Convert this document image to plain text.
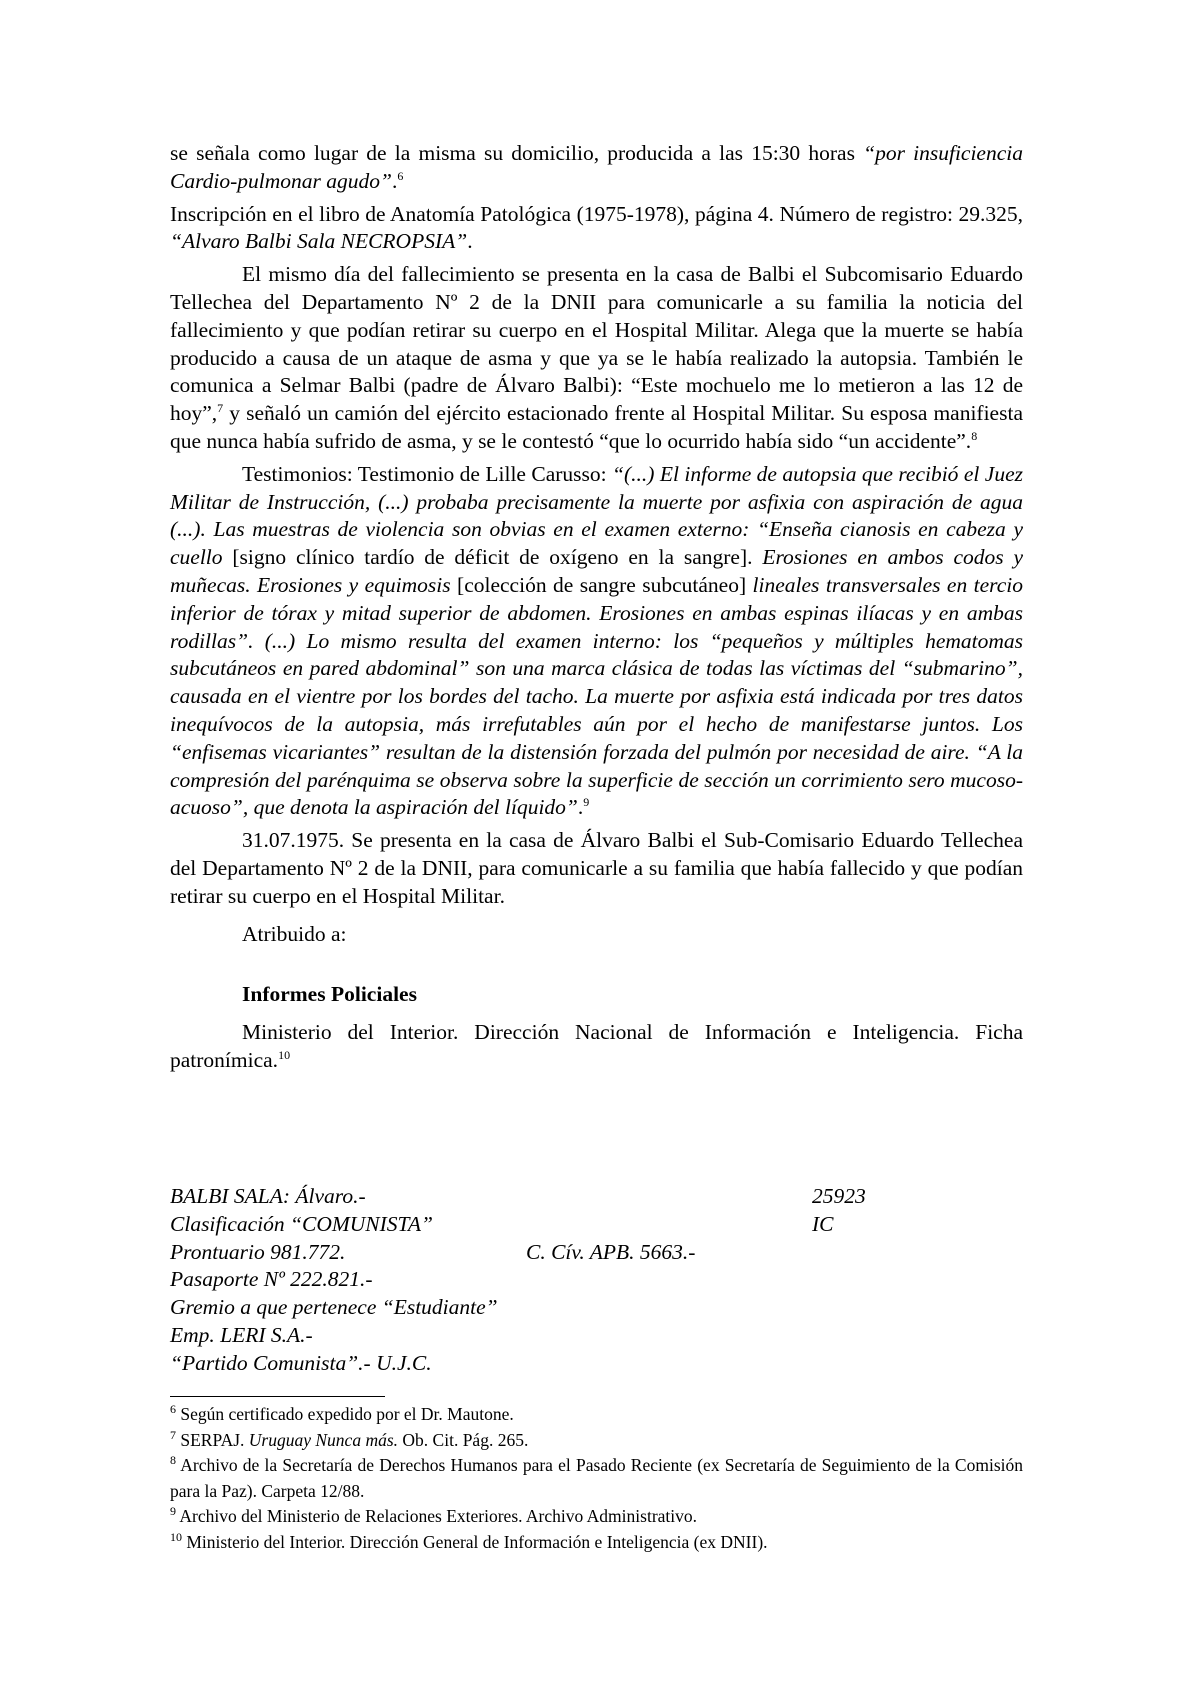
se señala como lugar de la misma su domicilio, producida a las 15:30 horas “por insuficiencia Cardio-pulmonar agudo”.$^6$

Inscripción en el libro de Anatomía Patológica (1975-1978), página 4. Número de registro: 29.325, “Alvaro Balbi Sala NECROPSIA”.

El mismo día del fallecimiento se presenta en la casa de Balbi el Subcomisario Eduardo Tellechea del Departamento Nº 2 de la DNII para comunicarle a su familia la noticia del fallecimiento y que podían retirar su cuerpo en el Hospital Militar. Alega que la muerte se había producido a causa de un ataque de asma y que ya se le había realizado la autopsia. También le comunica a Selmar Balbi (padre de Álvaro Balbi): “Este mochuelo me lo metieron a las 12 de hoy”,$^7$ y señaló un camión del ejército estacionado frente al Hospital Militar. Su esposa manifiesta que nunca había sufrido de asma, y se le contestó “que lo ocurrido había sido “un accidente”.$^8$

Testimonios: Testimonio de Lille Carusso: “(...) El informe de autopsia que recibió el Juez Militar de Instrucción, (...) probaba precisamente la muerte por asfixia con aspiración de agua (...). Las muestras de violencia son obvias en el examen externo: “Enseña cianosis en cabeza y cuello [signo clínico tardío de déficit de oxígeno en la sangre]. Erosiones en ambos codos y muñecas. Erosiones y equimosis [colección de sangre subcutáneo] lineales transversales en tercio inferior de tórax y mitad superior de abdomen. Erosiones en ambas espinas ilíacas y en ambas rodillas”. (...) Lo mismo resulta del examen interno: los “pequeños y múltiples hematomas subcutáneos en pared abdominal” son una marca clásica de todas las víctimas del “submarino”, causada en el vientre por los bordes del tacho. La muerte por asfixia está indicada por tres datos inequívocos de la autopsia, más irrefutables aún por el hecho de manifestarse juntos. Los “enfisemas vicariantes” resultan de la distensión forzada del pulmón por necesidad de aire. “A la compresión del parénquima se observa sobre la superficie de sección un corrimiento sero mucoso-acuoso”, que denota la aspiración del líquido”.$^9$

31.07.1975. Se presenta en la casa de Álvaro Balbi el Sub-Comisario Eduardo Tellechea del Departamento Nº 2 de la DNII, para comunicarle a su familia que había fallecido y que podían retirar su cuerpo en el Hospital Militar.

Atribuido a:

Informes Policiales

Ministerio del Interior. Dirección Nacional de Información e Inteligencia. Ficha patronímica.$^{10}$

BALBI SALA: Álvaro.-	25923
Clasificación “COMUNISTA”	IC
Prontuario 981.772.	C. Cív. APB. 5663.-
Pasaporte Nº 222.821.-
Gremio a que pertenece “Estudiante”
Emp. LERI S.A.-
“Partido Comunista”.- U.J.C.

$^6$ Según certificado expedido por el Dr. Mautone.

$^7$ SERPAJ. Uruguay Nunca más. Ob. Cit. Pág. 265.

$^8$ Archivo de la Secretaría de Derechos Humanos para el Pasado Reciente (ex Secretaría de Seguimiento de la Comisión para la Paz). Carpeta 12/88.

$^9$ Archivo del Ministerio de Relaciones Exteriores. Archivo Administrativo.

$^{10}$ Ministerio del Interior. Dirección General de Información e Inteligencia (ex DNII).
